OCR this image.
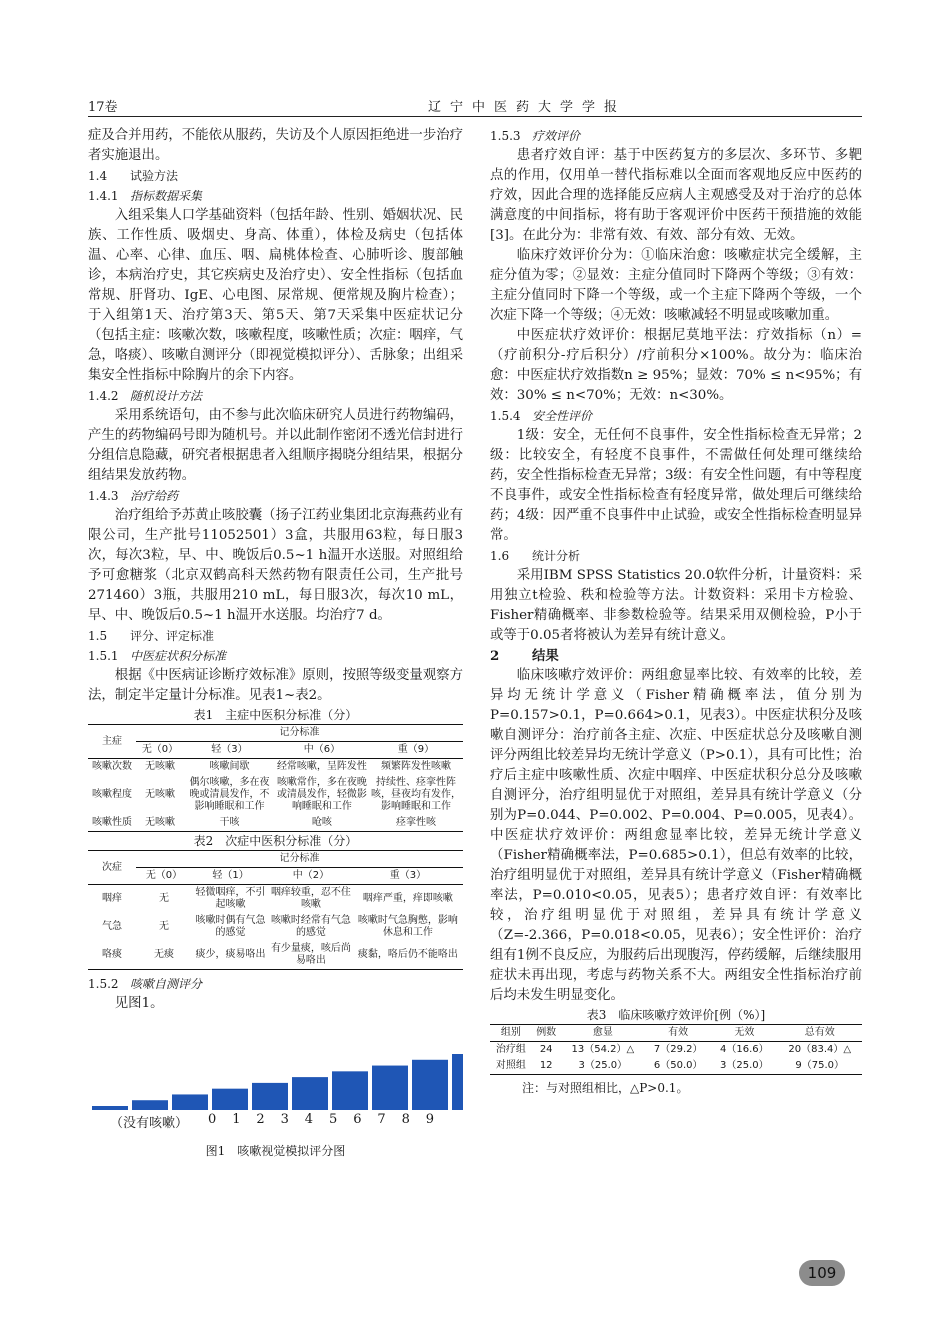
17卷	辽宁中医药大学学报

症及合并用药，不能依从服药，失访及个人原因拒绝进一步治疗者实施退出。

1.4 试验方法
1.4.1 指标数据采集

入组采集人口学基础资料（包括年龄、性别、婚姻状况、民族、工作性质、吸烟史、身高、体重），体检及病史（包括体温、心率、心律、血压、咽、扁桃体检查、心肺听诊、腹部触诊，本病治疗史，其它疾病史及治疗史）、安全性指标（包括血常规、肝肾功、IgE、心电图、尿常规、便常规及胸片检查）；于入组第1天、治疗第3天、第5天、第7天采集中医症状记分（包括主症：咳嗽次数，咳嗽程度，咳嗽性质；次症：咽痒，气急，咯痰）、咳嗽自测评分（即视觉模拟评分）、舌脉象；出组采集安全性指标中除胸片的余下内容。

1.4.2 随机设计方法

采用系统语句，由不参与此次临床研究人员进行药物编码，产生的药物编码号即为随机号。并以此制作密闭不透光信封进行分组信息隐藏，研究者根据患者入组顺序揭晓分组结果，根据分组结果发放药物。

1.4.3 治疗给药

治疗组给予苏黄止咳胶囊（扬子江药业集团北京海燕药业有限公司，生产批号11052501）3盒，共服用63粒，每日服3次，每次3粒，早、中、晚饭后0.5~1 h温开水送服。对照组给予可愈糖浆（北京双鹤高科天然药物有限责任公司，生产批号271460）3瓶，共服用210 mL，每日服3次，每次10 mL，早、中、晚饭后0.5~1 h温开水送服。均治疗7 d。

1.5 评分、评定标准
1.5.1 中医症状积分标准

根据《中医病证诊断疗效标准》原则，按照等级变量观察方法，制定半定量计分标准。见表1~表2。

表1　主症中医积分标准（分）
主症	记分标准			
	无（0）	轻（3）	中（6）	重（9）
咳嗽次数	无咳嗽	咳嗽间歇	经常咳嗽，呈阵发性	频繁阵发性咳嗽
咳嗽程度	无咳嗽	偶尔咳嗽，多在夜晚或清晨发作，不影响睡眠和工作	咳嗽常作，多在夜晚或清晨发作，轻微影响睡眠和工作	持续性、痉挛性阵咳，昼夜均有发作，影响睡眠和工作
咳嗽性质	无咳嗽	干咳	呛咳	痉挛性咳
表2　次症中医积分标准（分）
次症	记分标准			
	无（0）	轻（1）	中（2）	重（3）
咽痒	无	轻微咽痒，不引起咳嗽	咽痒较重，忍不住咳嗽	咽痒严重，痒即咳嗽
气急	无	咳嗽时偶有气急的感觉	咳嗽时经常有气急的感觉	咳嗽时气急胸憋，影响休息和工作
咯痰	无痰	痰少，痰易咯出	有少量痰，咳后尚易咯出	痰黏，咯后仍不能咯出
1.5.2 咳嗽自测评分

见图1。

（没有咳嗽） 0 1 2 3 4 5 6 7 8 9
图1　咳嗽视觉模拟评分图
1.5.3 疗效评价

患者疗效自评：基于中医药复方的多层次、多环节、多靶点的作用，仅用单一替代指标难以全面而客观地反应中医药的疗效，因此合理的选择能反应病人主观感受及对于治疗的总体满意度的中间指标，将有助于客观评价中医药干预措施的效能[3]。在此分为：非常有效、有效、部分有效、无效。

临床疗效评价分为：①临床治愈：咳嗽症状完全缓解，主症分值为零；②显效：主症分值同时下降两个等级；③有效：主症分值同时下降一个等级，或一个主症下降两个等级，一个次症下降一个等级；④无效：咳嗽减轻不明显或咳嗽加重。

中医症状疗效评价：根据尼莫地平法：疗效指标（n）=（疗前积分-疗后积分）/疗前积分×100%。故分为：临床治愈：中医症状疗效指数n ≥ 95%；显效：70% ≤ n<95%；有效：30% ≤ n<70%；无效：n<30%。

1.5.4 安全性评价

1级：安全，无任何不良事件，安全性指标检查无异常；2级：比较安全，有轻度不良事件，不需做任何处理可继续给药，安全性指标检查无异常；3级：有安全性问题，有中等程度不良事件，或安全性指标检查有轻度异常，做处理后可继续给药；4级：因严重不良事件中止试验，或安全性指标检查明显异常。

1.6 统计分析

采用IBM SPSS Statistics 20.0软件分析，计量资料：采用独立t检验、秩和检验等方法。计数资料：采用卡方检验、Fisher精确概率、非参数检验等。结果采用双侧检验，P小于或等于0.05者将被认为差异有统计意义。

2 结果

临床咳嗽疗效评价：两组愈显率比较、有效率的比较，差异均无统计学意义（Fisher精确概率法，值分别为P=0.157>0.1，P=0.664>0.1，见表3）。中医症状积分及咳嗽自测评分：治疗前各主症、次症、中医症状总分及咳嗽自测评分两组比较差异均无统计学意义（P>0.1），具有可比性；治疗后主症中咳嗽性质、次症中咽痒、中医症状积分总分及咳嗽自测评分，治疗组明显优于对照组，差异具有统计学意义（分别为P=0.044、P=0.002、P=0.004、P=0.005，见表4）。中医症状疗效评价：两组愈显率比较，差异无统计学意义（Fisher精确概率法，P=0.685>0.1），但总有效率的比较，治疗组明显优于对照组，差异具有统计学意义（Fisher精确概率法，P=0.010<0.05，见表5）；患者疗效自评：有效率比较，治疗组明显优于对照组，差异具有统计学意义（Z=-2.366，P=0.018<0.05，见表6）；安全性评价：治疗组有1例不良反应，为服药后出现腹泻，停药缓解，后继续服用症状未再出现，考虑与药物关系不大。两组安全性指标治疗前后均未发生明显变化。

表3　临床咳嗽疗效评价[例（%）]
组别	例数	愈显	有效	无效	总有效
治疗组	24	13（54.2）△	7（29.2）	4（16.6）	20（83.4）△
对照组	12	3（25.0）	6（50.0）	3（25.0）	9（75.0）
注：与对照组相比，△P>0.1。
109
